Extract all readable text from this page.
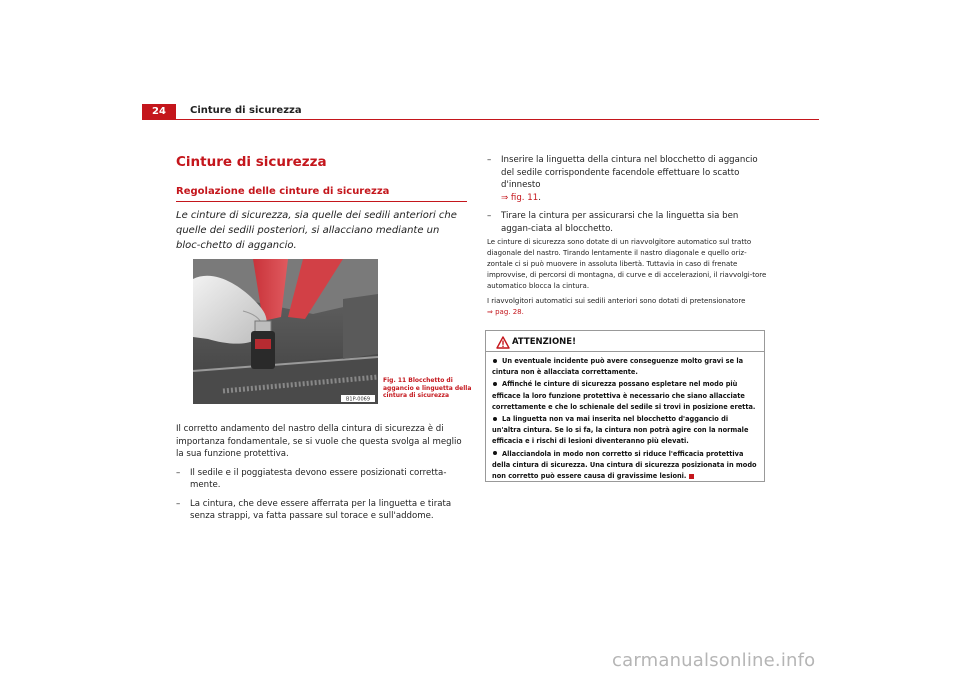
24	Cinture di sicurezza
Cinture di sicurezza
Regolazione delle cinture di sicurezza
Le cinture di sicurezza, sia quelle dei sedili anteriori che quelle dei sedili posteriori, si allacciano mediante un bloc-chetto di aggancio.
B1P-0069
Fig. 11 Blocchetto di aggancio e linguetta della cintura di sicurezza

Il corretto andamento del nastro della cintura di sicurezza è di importanza fondamentale, se si vuole che questa svolga al meglio la sua funzione protettiva.

– Il sedile e il poggiatesta devono essere posizionati corretta-mente.

– La cintura, che deve essere afferrata per la linguetta e tirata senza strappi, va fatta passare sul torace e sull'addome.

– Inserire la linguetta della cintura nel blocchetto di aggancio del sedile corrispondente facendole effettuare lo scatto d'innesto
⇒ fig. 11.

– Tirare la cintura per assicurarsi che la linguetta sia ben aggan-ciata al blocchetto.

Le cinture di sicurezza sono dotate di un riavvolgitore automatico sul tratto diagonale del nastro. Tirando lentamente il nastro diagonale e quello oriz-zontale ci si può muovere in assoluta libertà. Tuttavia in caso di frenate improvvise, di percorsi di montagna, di curve e di accelerazioni, il riavvolgi-tore automatico blocca la cintura.

I riavvolgitori automatici sui sedili anteriori sono dotati di pretensionatore
⇒ pag. 28.

ATTENZIONE!

Un eventuale incidente può avere conseguenze molto gravi se la cintura non è allacciata correttamente.

Affinché le cinture di sicurezza possano espletare nel modo più efficace la loro funzione protettiva è necessario che siano allacciate correttamente e che lo schienale del sedile si trovi in posizione eretta.

La linguetta non va mai inserita nel blocchetto d'aggancio di un'altra cintura. Se lo si fa, la cintura non potrà agire con la normale efficacia e i rischi di lesioni diventeranno più elevati.

Allacciandola in modo non corretto si riduce l'efficacia protettiva della cintura di sicurezza. Una cintura di sicurezza posizionata in modo non corretto può essere causa di gravissime lesioni.

carmanualsonline.info
